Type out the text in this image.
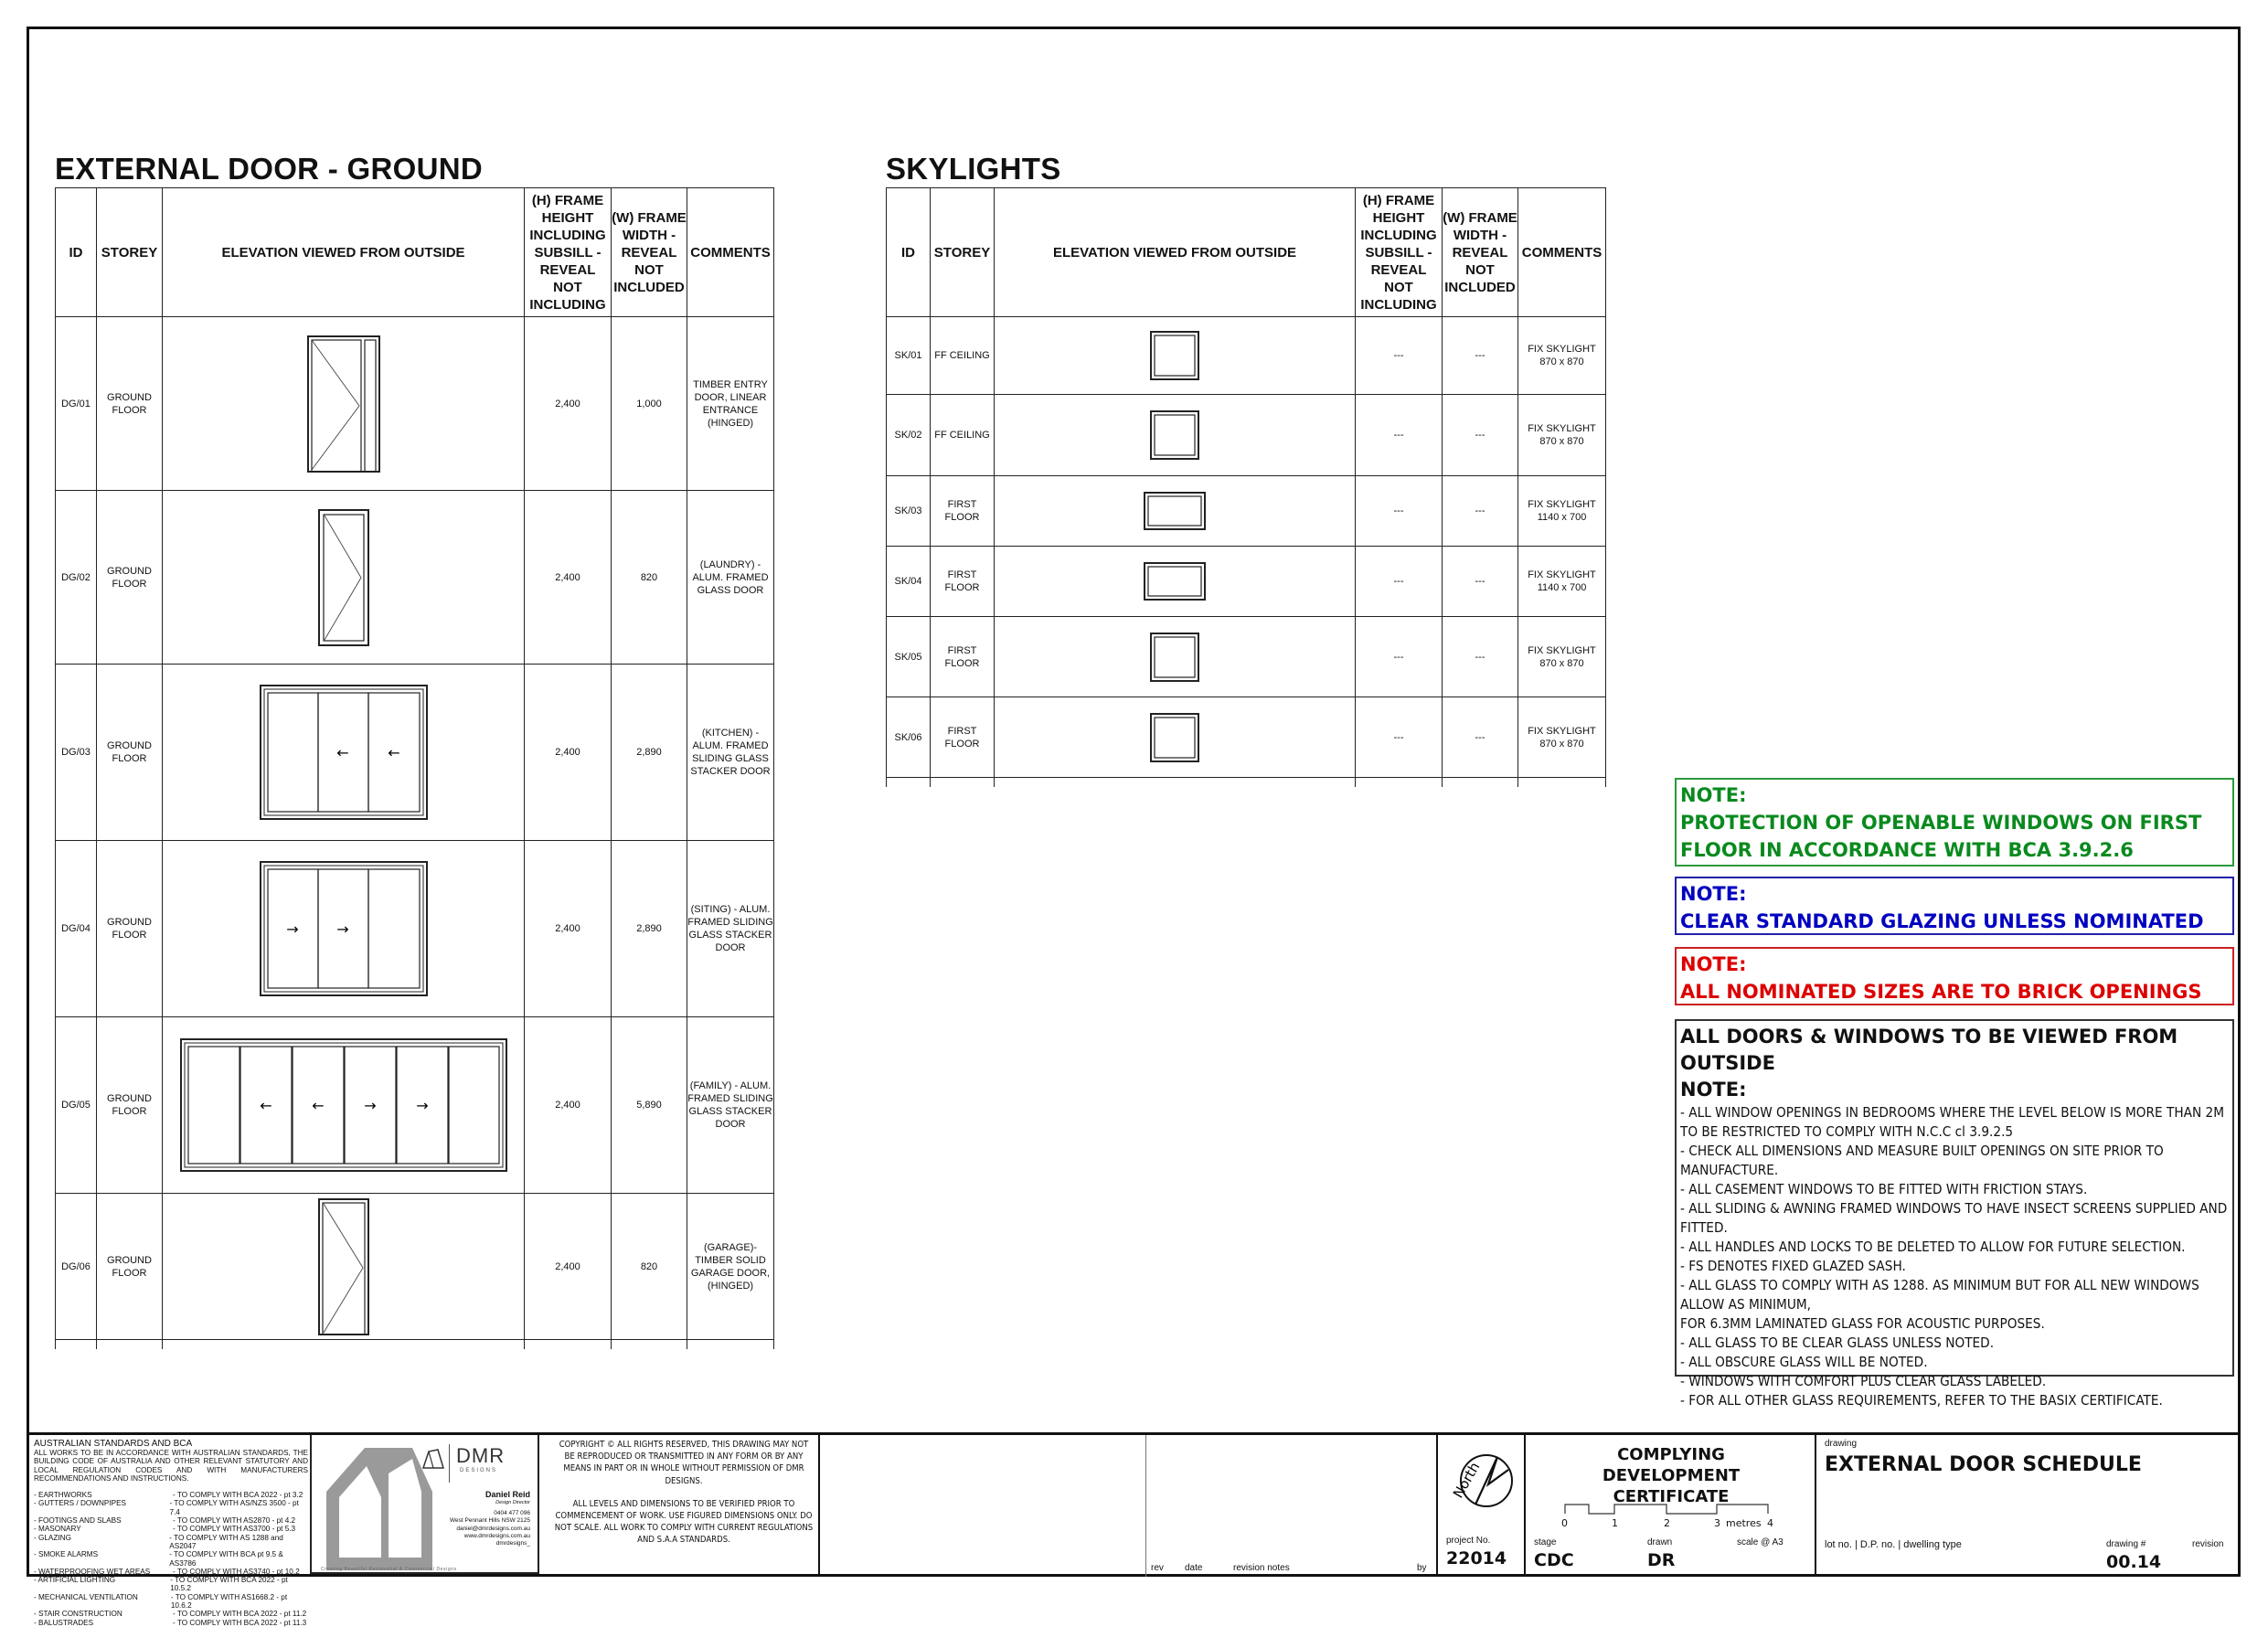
EXTERNAL DOOR - GROUND
ID	STOREY	ELEVATION VIEWED FROM OUTSIDE	(H) FRAME HEIGHT INCLUDING SUBSILL - REVEAL NOT INCLUDING	(W) FRAME WIDTH - REVEAL NOT INCLUDED	COMMENTS
DG/01	GROUND FLOOR		2,400	1,000	TIMBER ENTRY DOOR, LINEAR ENTRANCE (HINGED)
DG/02	GROUND FLOOR		2,400	820	(LAUNDRY) - ALUM. FRAMED GLASS DOOR
DG/03	GROUND FLOOR	← ←	2,400	2,890	(KITCHEN) - ALUM. FRAMED SLIDING GLASS STACKER DOOR
DG/04	GROUND FLOOR	→ →	2,400	2,890	(SITING) - ALUM. FRAMED SLIDING GLASS STACKER DOOR
DG/05	GROUND FLOOR	← ← → →	2,400	5,890	(FAMILY) - ALUM. FRAMED SLIDING GLASS STACKER DOOR
DG/06	GROUND FLOOR		2,400	820	(GARAGE)- TIMBER SOLID GARAGE DOOR, (HINGED)

SKYLIGHTS
ID	STOREY	ELEVATION VIEWED FROM OUTSIDE	(H) FRAME HEIGHT INCLUDING SUBSILL - REVEAL NOT INCLUDING	(W) FRAME WIDTH - REVEAL NOT INCLUDED	COMMENTS
SK/01	FF CEILING		---	---	FIX SKYLIGHT 870 x 870
SK/02	FF CEILING		---	---	FIX SKYLIGHT 870 x 870
SK/03	FIRST FLOOR		---	---	FIX SKYLIGHT 1140 x 700
SK/04	FIRST FLOOR		---	---	FIX SKYLIGHT 1140 x 700
SK/05	FIRST FLOOR		---	---	FIX SKYLIGHT 870 x 870
SK/06	FIRST FLOOR		---	---	FIX SKYLIGHT 870 x 870

NOTE:
PROTECTION OF OPENABLE WINDOWS ON FIRST FLOOR IN ACCORDANCE WITH BCA 3.9.2.6
NOTE:
CLEAR STANDARD GLAZING UNLESS NOMINATED
NOTE:
ALL NOMINATED SIZES ARE TO BRICK OPENINGS
ALL DOORS & WINDOWS TO BE VIEWED FROM OUTSIDE
NOTE:
- ALL WINDOW OPENINGS IN BEDROOMS WHERE THE LEVEL BELOW IS MORE THAN 2M TO BE RESTRICTED TO COMPLY WITH N.C.C cl 3.9.2.5
- CHECK ALL DIMENSIONS AND MEASURE BUILT OPENINGS ON SITE PRIOR TO MANUFACTURE.
- ALL CASEMENT WINDOWS TO BE FITTED WITH FRICTION STAYS.
- ALL SLIDING & AWNING FRAMED WINDOWS TO HAVE INSECT SCREENS SUPPLIED AND FITTED.
- ALL HANDLES AND LOCKS TO BE DELETED TO ALLOW FOR FUTURE SELECTION.
- FS DENOTES FIXED GLAZED SASH.
- ALL GLASS TO COMPLY WITH AS 1288. AS MINIMUM BUT FOR ALL NEW WINDOWS ALLOW AS MINIMUM,
FOR 6.3MM LAMINATED GLASS FOR ACOUSTIC PURPOSES.
- ALL GLASS TO BE CLEAR GLASS UNLESS NOTED.
- ALL OBSCURE GLASS WILL BE NOTED.
- WINDOWS WITH COMFORT PLUS CLEAR GLASS LABELED.
- FOR ALL OTHER GLASS REQUIREMENTS, REFER TO THE BASIX CERTIFICATE.
AUSTRALIAN STANDARDS AND BCA
ALL WORKS TO BE IN ACCORDANCE WITH AUSTRALIAN STANDARDS, THE BUILDING CODE OF AUSTRALIA AND OTHER RELEVANT STATUTORY AND LOCAL REGULATION CODES AND WITH MANUFACTURERS RECOMMENDATIONS AND INSTRUCTIONS.
- EARTHWORKS	- TO COMPLY WITH BCA 2022 - pt 3.2
- GUTTERS / DOWNPIPES	- TO COMPLY WITH AS/NZS 3500 - pt 7.4
- FOOTINGS AND SLABS	- TO COMPLY WITH AS2870 - pt 4.2
- MASONARY	- TO COMPLY WITH AS3700 - pt 5.3
- GLAZING	- TO COMPLY WITH AS 1288 and AS2047
- SMOKE ALARMS	- TO COMPLY WITH BCA pt 9.5 & AS3786
- WATERPROOFING WET AREAS	- TO COMPLY WITH AS3740 - pt 10.2
- ARTIFICIAL LIGHTING	- TO COMPLY WITH BCA 2022 - pt 10.5.2
- MECHANICAL VENTILATION	- TO COMPLY WITH AS1668.2 - pt 10.6.2
- STAIR CONSTRUCTION	- TO COMPLY WITH BCA 2022 - pt 11.2
- BALUSTRADES	- TO COMPLY WITH BCA 2022 - pt 11.3
DMR
DESIGNS
Daniel Reid
Design Director
0404 477 096
West Pennant Hills NSW 2125
daniel@dmrdesigns.com.au
www.dmrdesigns.com.au
dmrdesigns_
Creating Beautiful Residential & Commercial Designs
COPYRIGHT © ALL RIGHTS RESERVED, THIS DRAWING MAY NOT BE REPRODUCED OR TRANSMITTED IN ANY FORM OR BY ANY MEANS IN PART OR IN WHOLE WITHOUT PERMISSION OF DMR DESIGNS.
ALL LEVELS AND DIMENSIONS TO BE VERIFIED PRIOR TO COMMENCEMENT OF WORK. USE FIGURED DIMENSIONS ONLY. DO NOT SCALE. ALL WORK TO COMPLY WITH CURRENT REGULATIONS AND S.A.A STANDARDS.
rev date	revision notes	by
North
project No.
22014
COMPLYING DEVELOPMENT CERTIFICATE
0	1	2	3 metres 4
stage
CDC
drawn
DR
scale @ A3
drawing
EXTERNAL DOOR SCHEDULE
lot no. | D.P. no. | dwelling type	drawing #
00.14
revision
